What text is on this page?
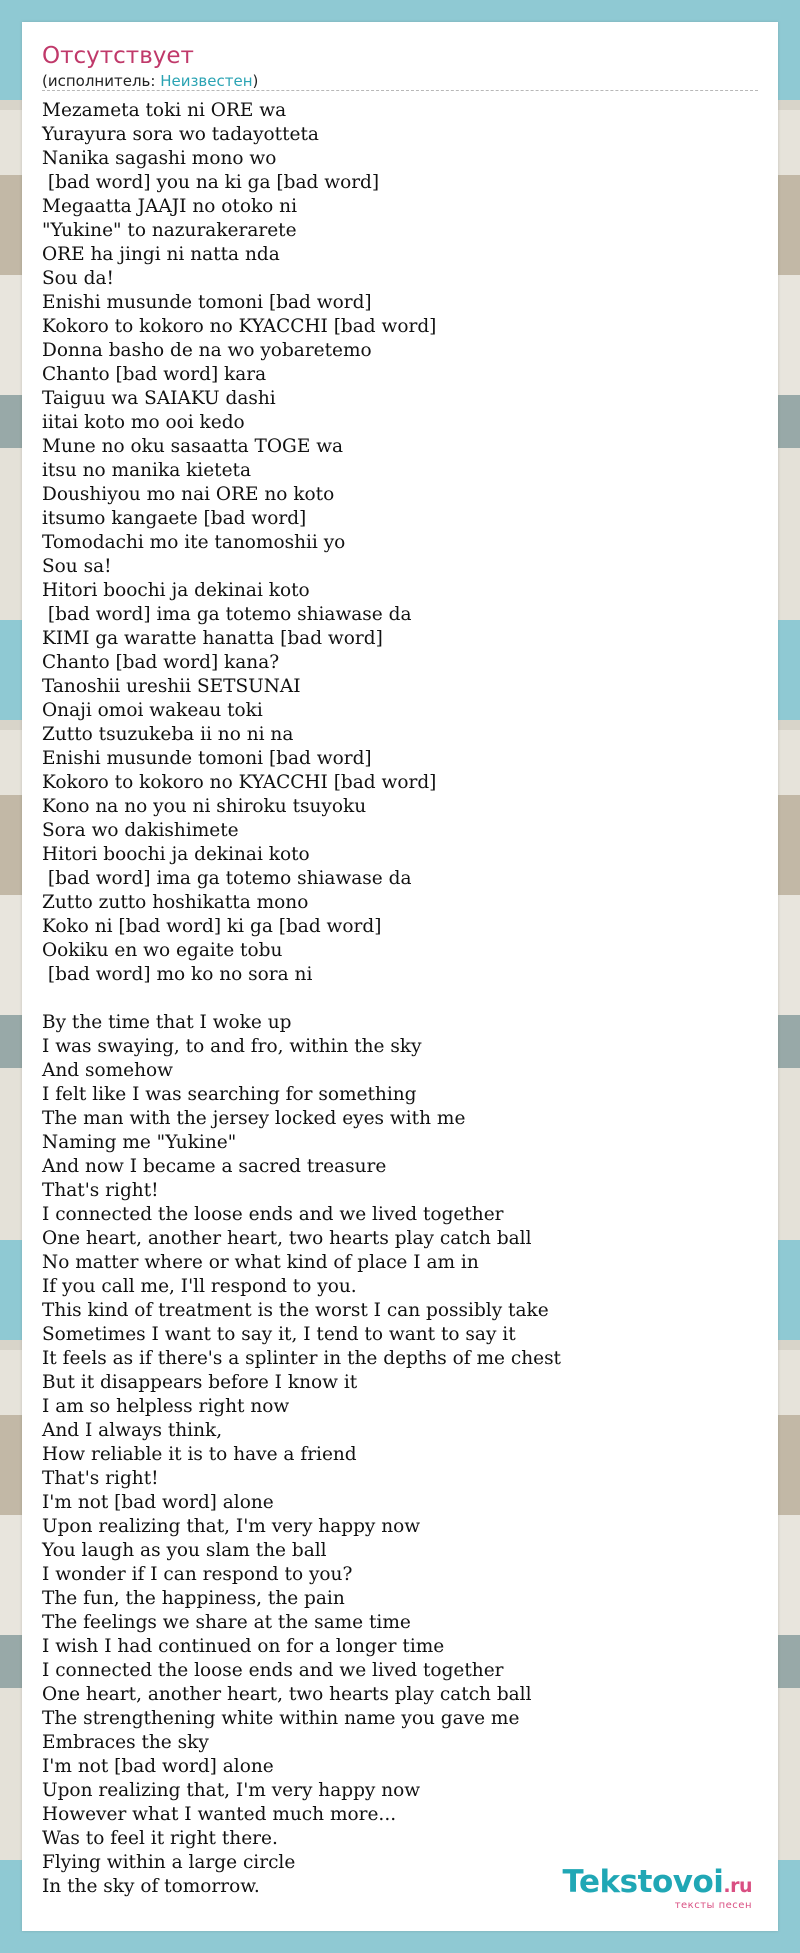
Отсутствует
(исполнитель: Неизвестен)
Mezameta toki ni ORE wa
Yurayura sora wo tadayotteta
Nanika sagashi mono wo
[bad word] you na ki ga [bad word]
Megaatta JAAJI no otoko ni
"Yukine" to nazurakerarete
ORE ha jingi ni natta nda
Sou da!
Enishi musunde tomoni [bad word]
Kokoro to kokoro no KYACCHI [bad word]
Donna basho de na wo yobaretemo
Chanto [bad word] kara
Taiguu wa SAIAKU dashi
iitai koto mo ooi kedo
Mune no oku sasaatta TOGE wa
itsu no manika kieteta
Doushiyou mo nai ORE no koto
itsumo kangaete [bad word]
Tomodachi mo ite tanomoshii yo
Sou sa!
Hitori boochi ja dekinai koto
[bad word] ima ga totemo shiawase da
KIMI ga waratte hanatta [bad word]
Chanto [bad word] kana?
Tanoshii ureshii SETSUNAI
Onaji omoi wakeau toki
Zutto tsuzukeba ii no ni na
Enishi musunde tomoni [bad word]
Kokoro to kokoro no KYACCHI [bad word]
Kono na no you ni shiroku tsuyoku
Sora wo dakishimete
Hitori boochi ja dekinai koto
[bad word] ima ga totemo shiawase da
Zutto zutto hoshikatta mono
Koko ni [bad word] ki ga [bad word]
Ookiku en wo egaite tobu
[bad word] mo ko no sora ni

By the time that I woke up
I was swaying, to and fro, within the sky
And somehow
I felt like I was searching for something
The man with the jersey locked eyes with me
Naming me "Yukine"
And now I became a sacred treasure
That's right!
I connected the loose ends and we lived together
One heart, another heart, two hearts play catch ball
No matter where or what kind of place I am in
If you call me, I'll respond to you.
This kind of treatment is the worst I can possibly take
Sometimes I want to say it, I tend to want to say it
It feels as if there's a splinter in the depths of me chest
But it disappears before I know it
I am so helpless right now
And I always think,
How reliable it is to have a friend
That's right!
I'm not [bad word] alone
Upon realizing that, I'm very happy now
You laugh as you slam the ball
I wonder if I can respond to you?
The fun, the happiness, the pain
The feelings we share at the same time
I wish I had continued on for a longer time
I connected the loose ends and we lived together
One heart, another heart, two hearts play catch ball
The strengthening white within name you gave me
Embraces the sky
I'm not [bad word] alone
Upon realizing that, I'm very happy now
However what I wanted much more...
Was to feel it right there.
Flying within a large circle
In the sky of tomorrow.	Tekstovoi.ru
тексты песен
